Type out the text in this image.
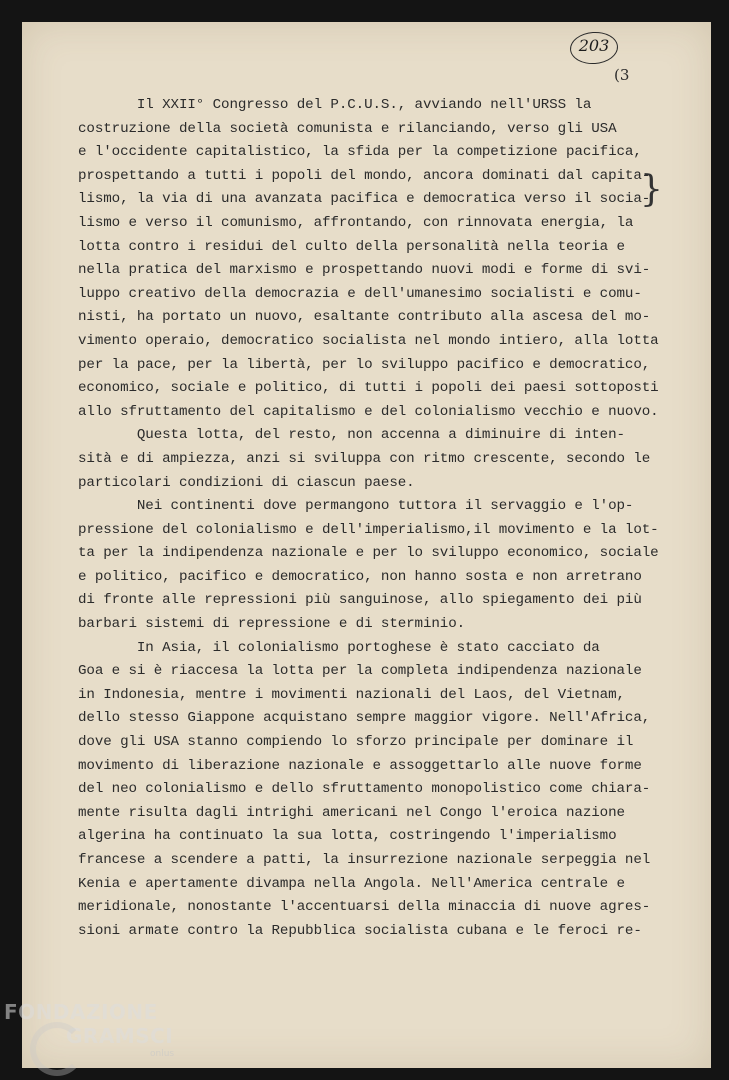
203
(3
}
Il XXII° Congresso del P.C.U.S., avviando nell'URSS la
costruzione della società comunista e rilanciando, verso gli USA
e l'occidente capitalistico, la sfida per la competizione pacifica,
prospettando a tutti i popoli del mondo, ancora dominati dal capita-
lismo, la via di una avanzata pacifica e democratica verso il socia-
lismo e verso il comunismo, affrontando, con rinnovata energia, la
lotta contro i residui del culto della personalità nella teoria e
nella pratica del marxismo e prospettando nuovi modi e forme di svi-
luppo creativo della democrazia e dell'umanesimo socialisti e comu-
nisti, ha portato un nuovo, esaltante contributo alla ascesa del mo-
vimento operaio, democratico socialista nel mondo intiero, alla lotta
per la pace, per la libertà, per lo sviluppo pacifico e democratico,
economico, sociale e politico, di tutti i popoli dei paesi sottoposti
allo sfruttamento del capitalismo e del colonialismo vecchio e nuovo.
Questa lotta, del resto, non accenna a diminuire di inten-
sità e di ampiezza, anzi si sviluppa con ritmo crescente, secondo le
particolari condizioni di ciascun paese.
Nei continenti dove permangono tuttora il servaggio e l'op-
pressione del colonialismo e dell'imperialismo,il movimento e la lot-
ta per la indipendenza nazionale e per lo sviluppo economico, sociale
e politico, pacifico e democratico, non hanno sosta e non arretrano
di fronte alle repressioni più sanguinose, allo spiegamento dei più
barbari sistemi di repressione e di sterminio.
In Asia, il colonialismo portoghese è stato cacciato da
Goa e si è riaccesa la lotta per la completa indipendenza nazionale
in Indonesia, mentre i movimenti nazionali del Laos, del Vietnam,
dello stesso Giappone acquistano sempre maggior vigore. Nell'Africa,
dove gli USA stanno compiendo lo sforzo principale per dominare il
movimento di liberazione nazionale e assoggettarlo alle nuove forme
del neo colonialismo e dello sfruttamento monopolistico come chiara-
mente risulta dagli intrighi americani nel Congo l'eroica nazione
algerina ha continuato la sua lotta, costringendo l'imperialismo
francese a scendere a patti, la insurrezione nazionale serpeggia nel
Kenia e apertamente divampa nella Angola. Nell'America centrale e
meridionale, nonostante l'accentuarsi della minaccia di nuove agres-
sioni armate contro la Repubblica socialista cubana e le feroci re-
FONDAZIONE
GRAMSCI
onlus
